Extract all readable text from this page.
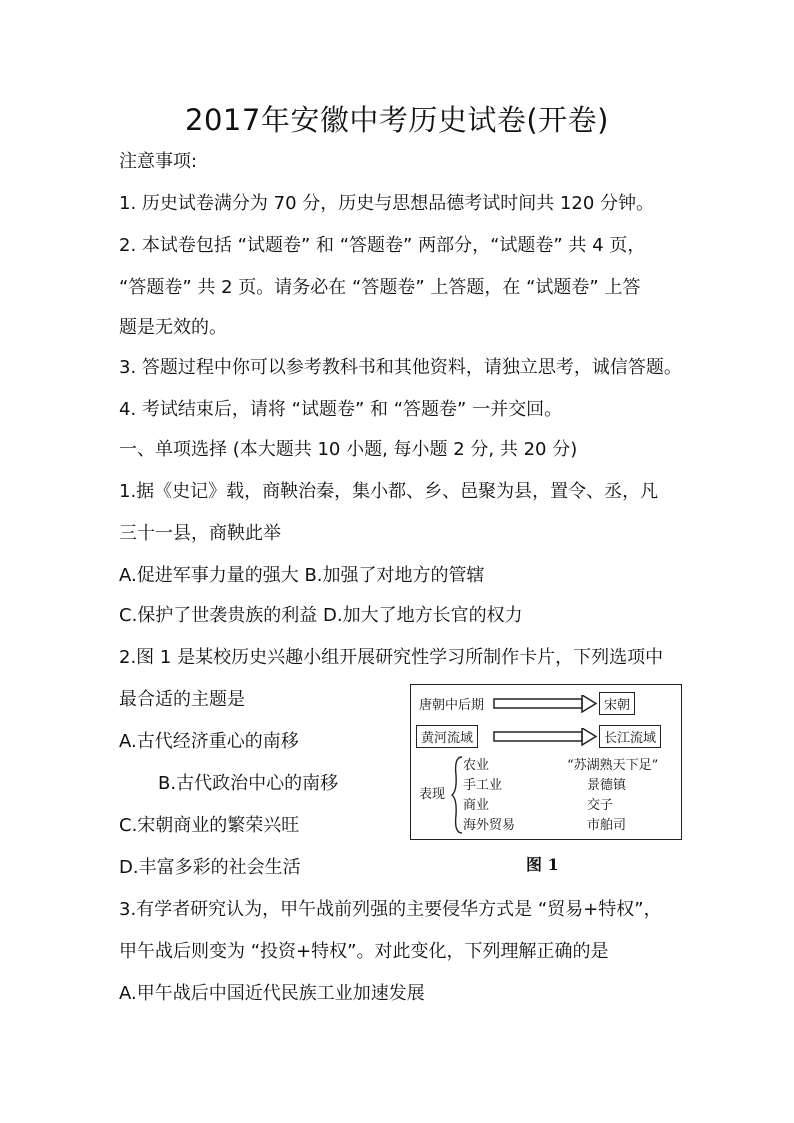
2017年安徽中考历史试卷(开卷)
注意事项:
1. 历史试卷满分为 70 分，历史与思想品德考试时间共 120 分钟。
2. 本试卷包括 “试题卷” 和 “答题卷” 两部分，“试题卷” 共 4 页，
“答题卷” 共 2 页。请务必在 “答题卷” 上答题，在 “试题卷” 上答
题是无效的。
3. 答题过程中你可以参考教科书和其他资料，请独立思考，诚信答题。
4. 考试结束后，请将 “试题卷” 和 “答题卷” 一并交回。
一、单项选择 (本大题共 10 小题, 每小题 2 分, 共 20 分)
1.据《史记》载，商鞅治秦，集小都、乡、邑聚为县，置令、丞，凡
三十一县，商鞅此举
A.促进军事力量的强大 B.加强了对地方的管辖
C.保护了世袭贵族的利益 D.加大了地方长官的权力
2.图 1 是某校历史兴趣小组开展研究性学习所制作卡片，下列选项中
最合适的主题是
A.古代经济重心的南移
B.古代政治中心的南移
C.宋朝商业的繁荣兴旺
D.丰富多彩的社会生活
唐朝中后期	宋朝
黄河流域	长江流域
表现
农业
手工业
商业
海外贸易
“苏湖熟天下足”
景德镇
交子
市舶司
图 1
3.有学者研究认为，甲午战前列强的主要侵华方式是 “贸易+特权”，
甲午战后则变为 “投资+特权”。对此变化，下列理解正确的是
A.甲午战后中国近代民族工业加速发展
